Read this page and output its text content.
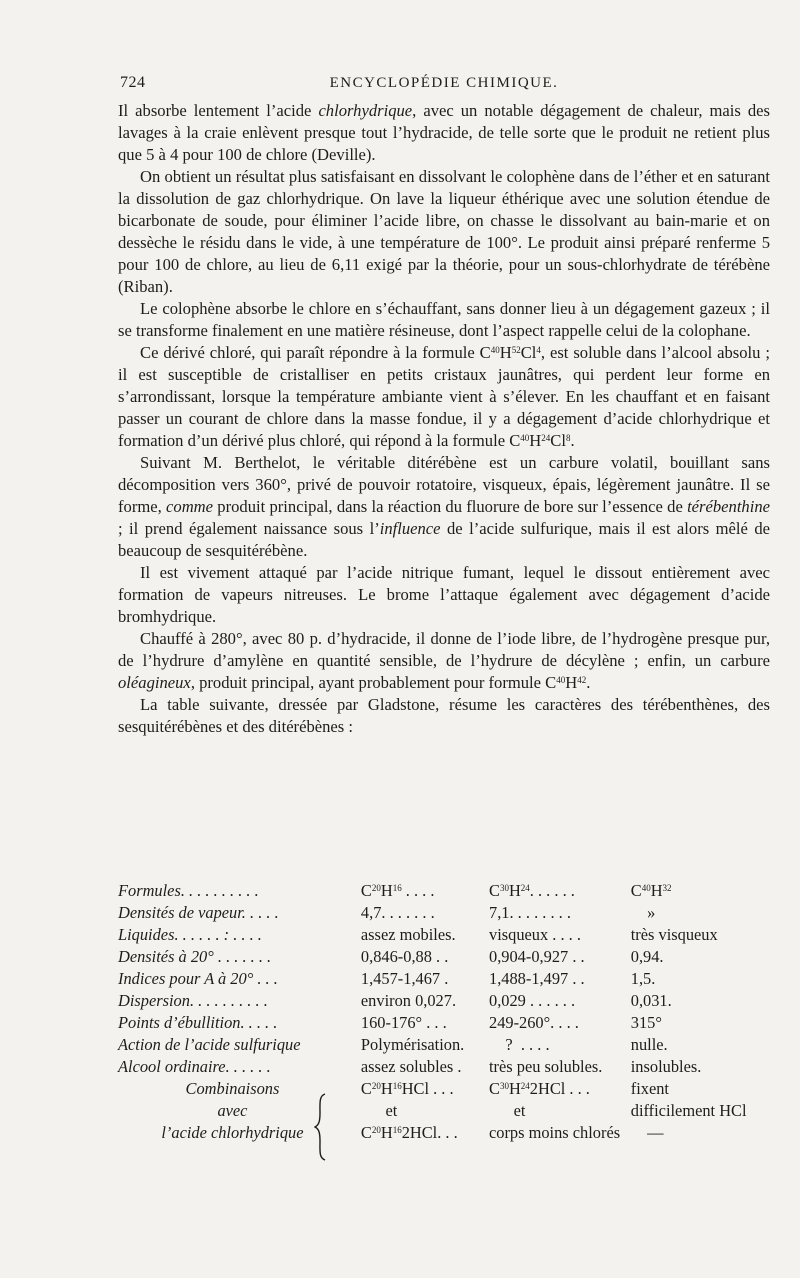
724	ENCYCLOPÉDIE CHIMIQUE.

Il absorbe lentement l’acide chlorhydrique, avec un notable dégagement de chaleur, mais des lavages à la craie enlèvent presque tout l’hydracide, de telle sorte que le produit ne retient plus que 5 à 4 pour 100 de chlore (Deville).

On obtient un résultat plus satisfaisant en dissolvant le colophène dans de l’éther et en saturant la dissolution de gaz chlorhydrique. On lave la liqueur éthérique avec une solution étendue de bicarbonate de soude, pour éliminer l’acide libre, on chasse le dissolvant au bain-marie et on dessèche le résidu dans le vide, à une température de 100°. Le produit ainsi préparé renferme 5 pour 100 de chlore, au lieu de 6,11 exigé par la théorie, pour un sous-chlorhydrate de térébène (Riban).

Le colophène absorbe le chlore en s’échauffant, sans donner lieu à un dégagement gazeux ; il se transforme finalement en une matière résineuse, dont l’aspect rappelle celui de la colophane.

Ce dérivé chloré, qui paraît répondre à la formule $C^{40}H^{52}Cl^4$, est soluble dans l’alcool absolu ; il est susceptible de cristalliser en petits cristaux jaunâtres, qui perdent leur forme en s’arrondissant, lorsque la température ambiante vient à s’élever. En les chauffant et en faisant passer un courant de chlore dans la masse fondue, il y a dégagement d’acide chlorhydrique et formation d’un dérivé plus chloré, qui répond à la formule $C^{40}H^{24}Cl^8$.

Suivant M. Berthelot, le véritable ditérébène est un carbure volatil, bouillant sans décomposition vers 360°, privé de pouvoir rotatoire, visqueux, épais, légèrement jaunâtre. Il se forme, comme produit principal, dans la réaction du fluorure de bore sur l’essence de térébenthine ; il prend également naissance sous l’influence de l’acide sulfurique, mais il est alors mêlé de beaucoup de sesquitérébène.

Il est vivement attaqué par l’acide nitrique fumant, lequel le dissout entièrement avec formation de vapeurs nitreuses. Le brome l’attaque également avec dégagement d’acide bromhydrique.

Chauffé à 280°, avec 80 p. d’hydracide, il donne de l’iode libre, de l’hydrogène presque pur, de l’hydrure d’amylène en quantité sensible, de l’hydrure de décylène ; enfin, un carbure oléagineux, produit principal, ayant probablement pour formule $C^{40}H^{42}$.

La table suivante, dressée par Gladstone, résume les caractères des térébenthènes, des sesquitérébènes et des ditérébènes :

Formules. . . . . . . . . .	$C^{20}H^{16}$ . . . .	$C^{30}H^{24}$. . . . . .	$C^{40}H^{32}$
Densités de vapeur. . . . .	4,7. . . . . . .	7,1. . . . . . . .	»
Liquides. . . . . . : . . . .	assez mobiles.	visqueux . . . .	très visqueux
Densités à 20° . . . . . . .	0,846-0,88 . .	0,904-0,927 . .	0,94.
Indices pour A à 20° . . .	1,457-1,467 .	1,488-1,497 . .	1,5.
Dispersion. . . . . . . . . .	environ 0,027.	0,029 . . . . . .	0,031.
Points d’ébullition. . . . .	160-176° . . .	249-260°. . . .	315°
Action de l’acide sulfurique	Polymérisation.	?  . . . .	nulle.
Alcool ordinaire. . . . . .	assez solubles .	très peu solubles.	insolubles.
Combinaisons	$C^{20}H^{16}HCl$ . . .	$C^{30}H^{24}2HCl$ . . .	fixent
avec	et	et	difficilement HCl
l’acide chlorhydrique	$C^{20}H^{16}2HCl$. . .	corps moins chlorés	—
